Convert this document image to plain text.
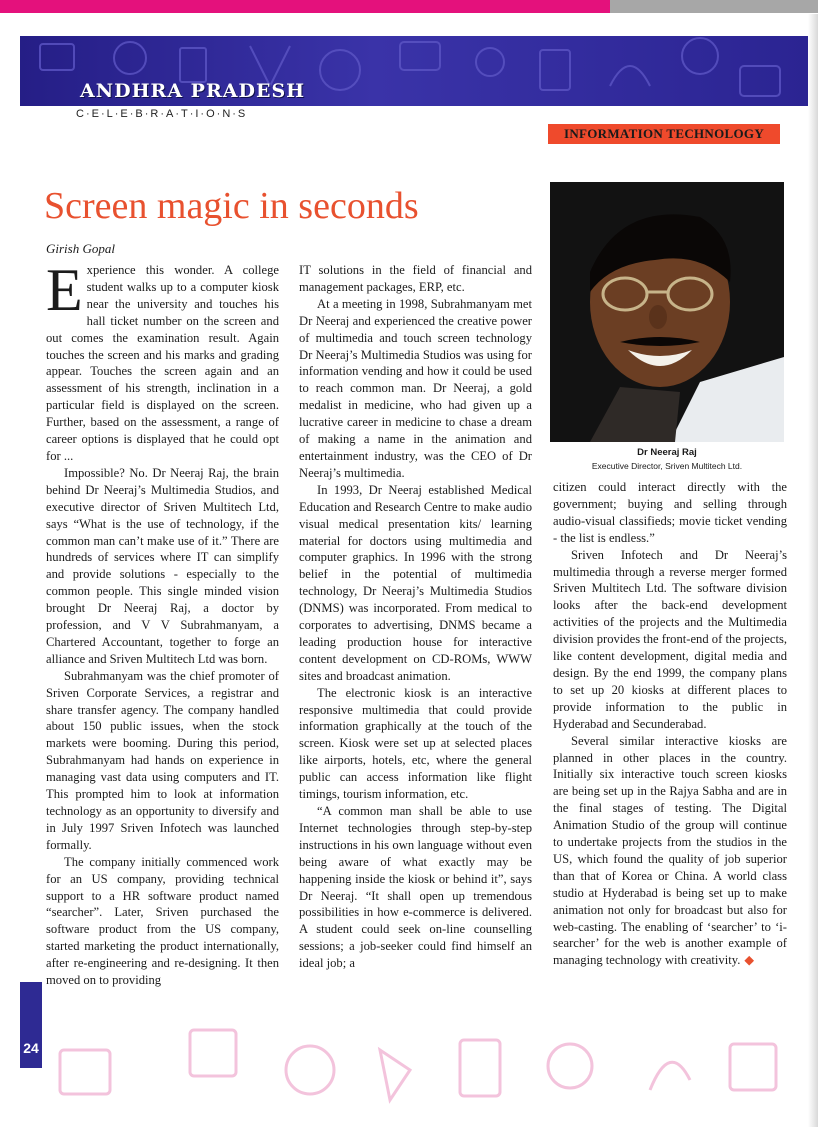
ANDHRA PRADESH
C·E·L·E·B·R·A·T·I·O·N·S
INFORMATION TECHNOLOGY
Screen magic in seconds
Girish Gopal
Dr Neeraj Raj
Executive Director, Sriven Multitech Ltd.

Experience this wonder. A college student walks up to a computer kiosk near the university and touches his hall ticket number on the screen and out comes the examination result. Again touches the screen and his marks and grading appear. Touches the screen again and an assessment of his strength, inclination in a particular field is displayed on the screen. Further, based on the assessment, a range of career options is displayed that he could opt for ...

Impossible? No. Dr Neeraj Raj, the brain behind Dr Neeraj’s Multimedia Studios, and executive director of Sriven Multitech Ltd, says “What is the use of technology, if the common man can’t make use of it.” There are hundreds of services where IT can simplify and provide solutions - especially to the common people. This single minded vision brought Dr Neeraj Raj, a doctor by profession, and V V Subrahmanyam, a Chartered Accountant, together to forge an alliance and Sriven Multitech Ltd was born.

Subrahmanyam was the chief promoter of Sriven Corporate Services, a registrar and share transfer agency. The company handled about 150 public issues, when the stock markets were booming. During this period, Subrahmanyam had hands on experience in managing vast data using computers and IT. This prompted him to look at information technology as an opportunity to diversify and in July 1997 Sriven Infotech was launched formally.

The company initially commenced work for an US company, providing technical support to a HR software product named “searcher”. Later, Sriven purchased the software product from the US company, started marketing the product internationally, after re-engineering and re-designing. It then moved on to providing

IT solutions in the field of financial and management packages, ERP, etc.

At a meeting in 1998, Subrahmanyam met Dr Neeraj and experienced the creative power of multimedia and touch screen technology Dr Neeraj’s Multimedia Studios was using for information vending and how it could be used to reach common man. Dr Neeraj, a gold medalist in medicine, who had given up a lucrative career in medicine to chase a dream of making a name in the animation and entertainment industry, was the CEO of Dr Neeraj’s multimedia.

In 1993, Dr Neeraj established Medical Education and Research Centre to make audio visual medical presentation kits/ learning material for doctors using multimedia and computer graphics. In 1996 with the strong belief in the potential of multimedia technology, Dr Neeraj’s Multimedia Studios (DNMS) was incorporated. From medical to corporates to advertising, DNMS became a leading production house for interactive content development on CD-ROMs, WWW sites and broadcast animation.

The electronic kiosk is an interactive responsive multimedia that could provide information graphically at the touch of the screen. Kiosk were set up at selected places like airports, hotels, etc, where the general public can access information like flight timings, tourism information, etc.

“A common man shall be able to use Internet technologies through step-by-step instructions in his own language without even being aware of what exactly may be happening inside the kiosk or behind it”, says Dr Neeraj. “It shall open up tremendous possibilities in how e-commerce is delivered. A student could seek on-line counselling sessions; a job-seeker could find himself an ideal job; a

citizen could interact directly with the government; buying and selling through audio-visual classifieds; movie ticket vending - the list is endless.”

Sriven Infotech and Dr Neeraj’s multimedia through a reverse merger formed Sriven Multitech Ltd. The software division looks after the back-end development activities of the projects and the Multimedia division provides the front-end of the projects, like content development, digital media and design. By the end 1999, the company plans to set up 20 kiosks at different places to provide information to the public in Hyderabad and Secunderabad.

Several similar interactive kiosks are planned in other places in the country. Initially six interactive touch screen kiosks are being set up in the Rajya Sabha and are in the final stages of testing. The Digital Animation Studio of the group will continue to undertake projects from the studios in the US, which found the quality of job superior than that of Korea or China. A world class studio at Hyderabad is being set up to make animation not only for broadcast but also for web-casting. The enabling of ‘searcher’ to ‘i-searcher’ for the web is another example of managing technology with creativity. ◆

24
